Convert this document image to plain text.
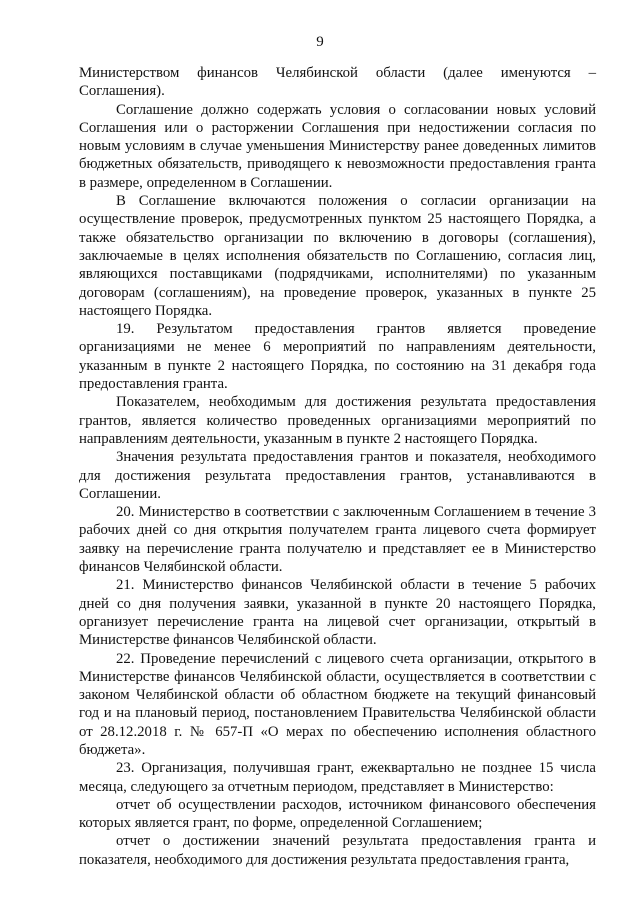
9

Министерством финансов Челябинской области (далее именуются – Соглашения).

Соглашение должно содержать условия о согласовании новых условий Соглашения или о расторжении Соглашения при недостижении согласия по новым условиям в случае уменьшения Министерству ранее доведенных лимитов бюджетных обязательств, приводящего к невозможности предоставления гранта в размере, определенном в Соглашении.

В Соглашение включаются положения о согласии организации на осуществление проверок, предусмотренных пунктом 25 настоящего Порядка, а также обязательство организации по включению в договоры (соглашения), заключаемые в целях исполнения обязательств по Соглашению, согласия лиц, являющихся поставщиками (подрядчиками, исполнителями) по указанным договорам (соглашениям), на проведение проверок, указанных в пункте 25 настоящего Порядка.

19. Результатом предоставления грантов является проведение организациями не менее 6 мероприятий по направлениям деятельности, указанным в пункте 2 настоящего Порядка, по состоянию на 31 декабря года предоставления гранта.

Показателем, необходимым для достижения результата предоставления грантов, является количество проведенных организациями мероприятий по направлениям деятельности, указанным в пункте 2 настоящего Порядка.

Значения результата предоставления грантов и показателя, необходимого для достижения результата предоставления грантов, устанавливаются в Соглашении.

20. Министерство в соответствии с заключенным Соглашением в течение 3 рабочих дней со дня открытия получателем гранта лицевого счета формирует заявку на перечисление гранта получателю и представляет ее в Министерство финансов Челябинской области.

21. Министерство финансов Челябинской области в течение 5 рабочих дней со дня получения заявки, указанной в пункте 20 настоящего Порядка, организует перечисление гранта на лицевой счет организации, открытый в Министерстве финансов Челябинской области.

22. Проведение перечислений с лицевого счета организации, открытого в Министерстве финансов Челябинской области, осуществляется в соответствии с законом Челябинской области об областном бюджете на текущий финансовый год и на плановый период, постановлением Правительства Челябинской области от 28.12.2018 г. № 657-П «О мерах по обеспечению исполнения областного бюджета».

23. Организация, получившая грант, ежеквартально не позднее 15 числа месяца, следующего за отчетным периодом, представляет в Министерство:

отчет об осуществлении расходов, источником финансового обеспечения которых является грант, по форме, определенной Соглашением;

отчет о достижении значений результата предоставления гранта и показателя, необходимого для достижения результата предоставления гранта,
